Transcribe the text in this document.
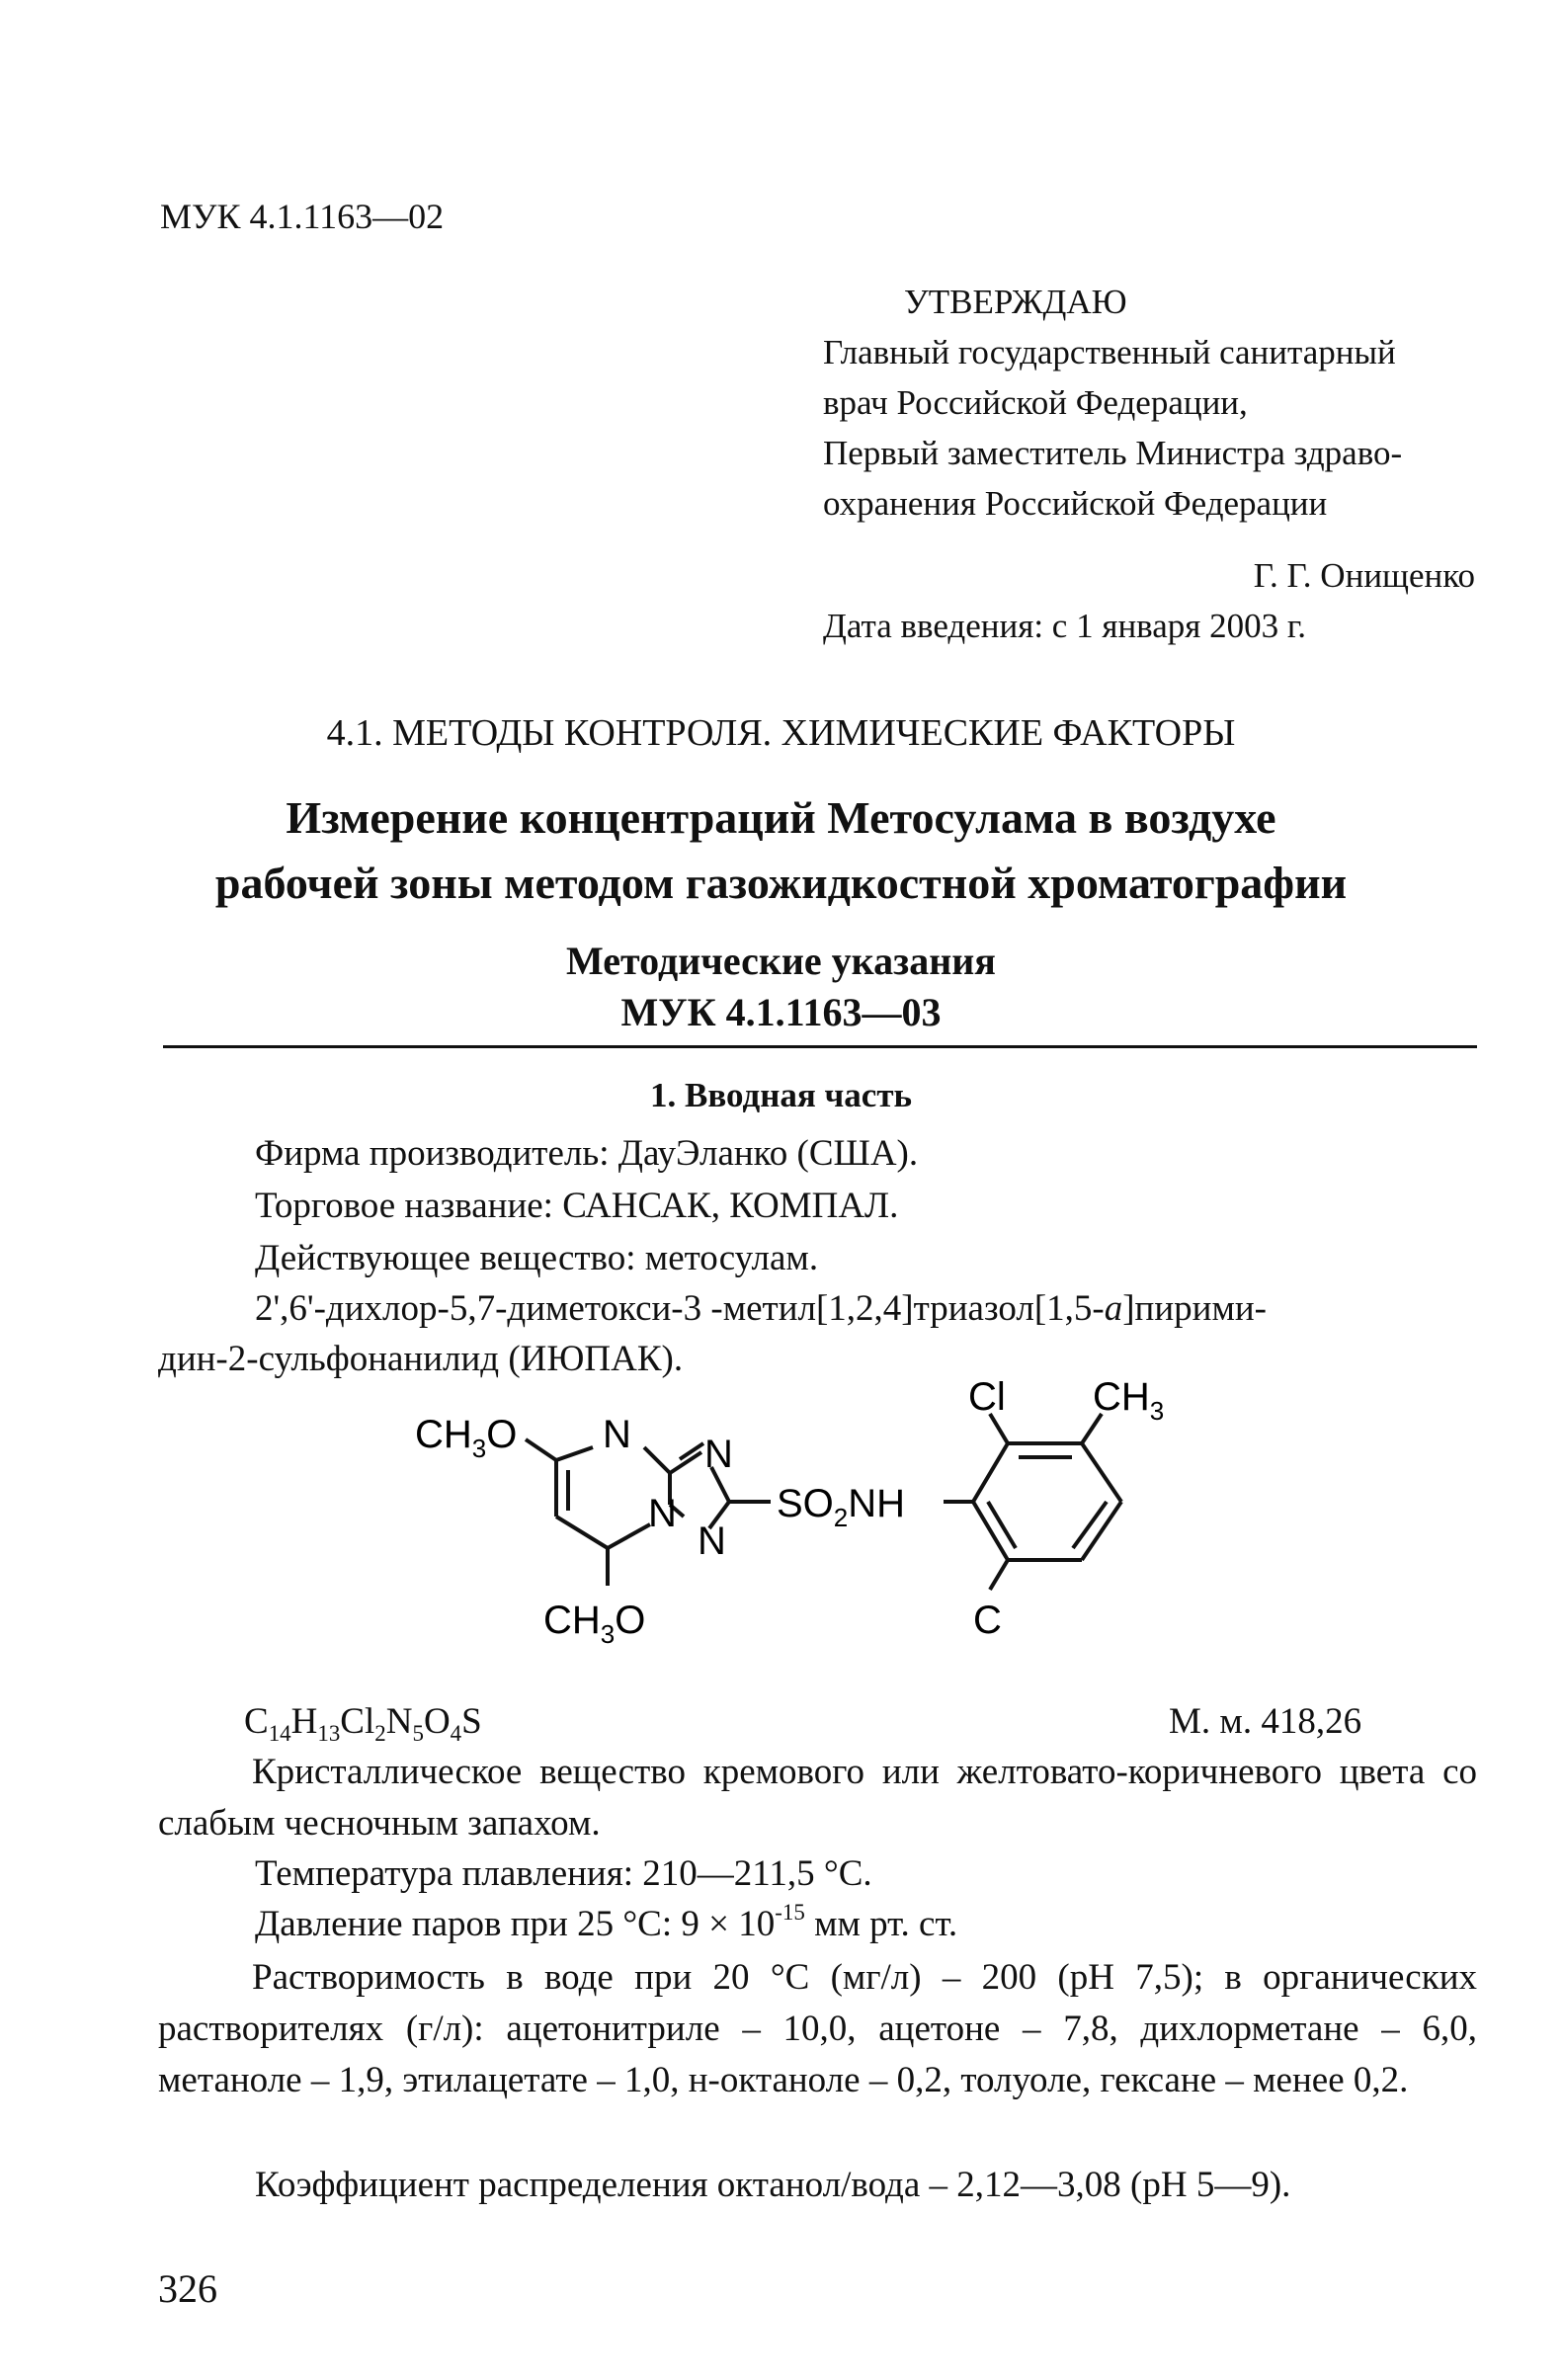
МУК 4.1.1163—02

УТВЕРЖДАЮ
Главный государственный санитарный
врач Российской Федерации,
Первый заместитель Министра здраво-
охранения Российской Федерации
Г. Г. Онищенко
Дата введения: с 1 января 2003 г.
4.1. МЕТОДЫ КОНТРОЛЯ. ХИМИЧЕСКИЕ ФАКТОРЫ
Измерение концентраций Метосулама в воздухе
рабочей зоны методом газожидкостной хроматографии
Методические указания
МУК 4.1.1163—03
1. Вводная часть

Фирма производитель: ДауЭланко (США).

Торговое название: САНСАК, КОМПАЛ.

Действующее вещество: метосулам.

2',6'-дихлор-5,7-диметокси-3 -метил[1,2,4]триазол[1,5-a]пирими-

дин-2-сульфонанилид (ИЮПАК).

$CH_3O$ N N
N
N
$SO_2NH$
Cl $CH_3$
C
$CH_3O$

$C_{14}H_{13}Cl_2N_5O_4S$	М. м. 418,26

Кристаллическое вещество кремового или желтовато-коричневого цвета со слабым чесночным запахом.

Температура плавления: 210—211,5 °С.

Давление паров при 25 °С: $9 \times 10^{-15}$ мм рт. ст.

Растворимость в воде при 20 °С (мг/л) – 200 (рН 7,5); в органических растворителях (г/л): ацетонитриле – 10,0, ацетоне – 7,8, дихлорметане – 6,0, метаноле – 1,9, этилацетате – 1,0, н-октаноле – 0,2, толуоле, гексане – менее 0,2.

Коэффициент распределения октанол/вода – 2,12—3,08 (рН 5—9).

326
